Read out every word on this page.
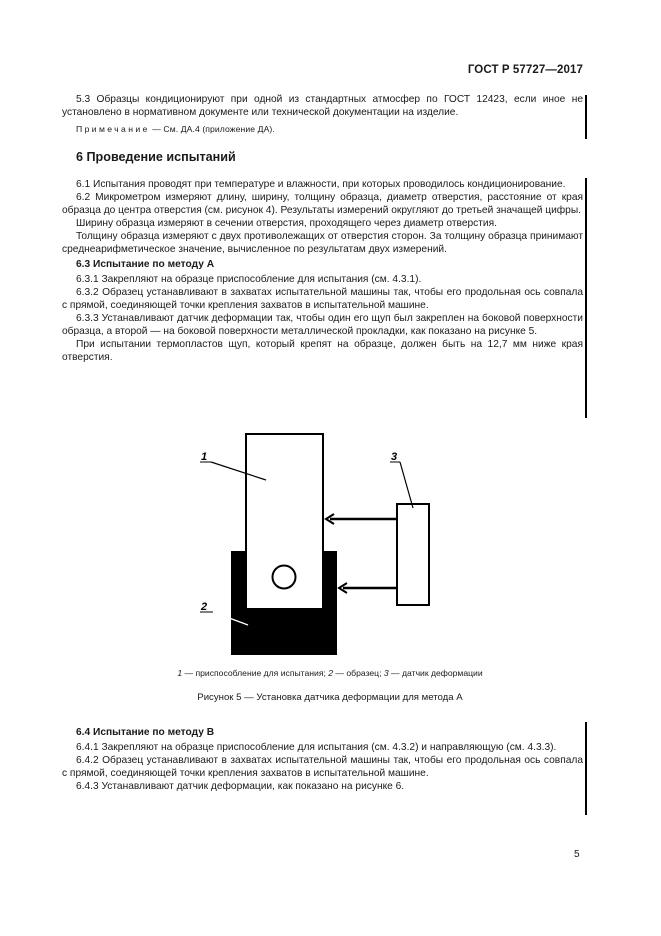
ГОСТ Р 57727—2017

5.3 Образцы кондиционируют при одной из стандартных атмосфер по ГОСТ 12423, если иное не установлено в нормативном документе или технической документации на изделие.

Примечание — См. ДА.4 (приложение ДА).

6 Проведение испытаний

6.1 Испытания проводят при температуре и влажности, при которых проводилось кондиционирование.

6.2 Микрометром измеряют длину, ширину, толщину образца, диаметр отверстия, расстояние от края образца до центра отверстия (см. рисунок 4). Результаты измерений округляют до третьей значащей цифры.

Ширину образца измеряют в сечении отверстия, проходящего через диаметр отверстия.

Толщину образца измеряют с двух противолежащих от отверстия сторон. За толщину образца принимают среднеарифметическое значение, вычисленное по результатам двух измерений.

6.3 Испытание по методу А

6.3.1 Закрепляют на образце приспособление для испытания (см. 4.3.1).

6.3.2 Образец устанавливают в захватах испытательной машины так, чтобы его продольная ось совпала с прямой, соединяющей точки крепления захватов в испытательной машине.

6.3.3 Устанавливают датчик деформации так, чтобы один его щуп был закреплен на боковой поверхности образца, а второй — на боковой поверхности металлической прокладки, как показано на рисунке 5.

При испытании термопластов щуп, который крепят на образце, должен быть на 12,7 мм ниже края отверстия.

1
2
3
1 — приспособление для испытания; 2 — образец; 3 — датчик деформации
Рисунок 5 — Установка датчика деформации для метода А

6.4 Испытание по методу В

6.4.1 Закрепляют на образце приспособление для испытания (см. 4.3.2) и направляющую (см. 4.3.3).

6.4.2 Образец устанавливают в захватах испытательной машины так, чтобы его продольная ось совпала с прямой, соединяющей точки крепления захватов в испытательной машине.

6.4.3 Устанавливают датчик деформации, как показано на рисунке 6.

5
